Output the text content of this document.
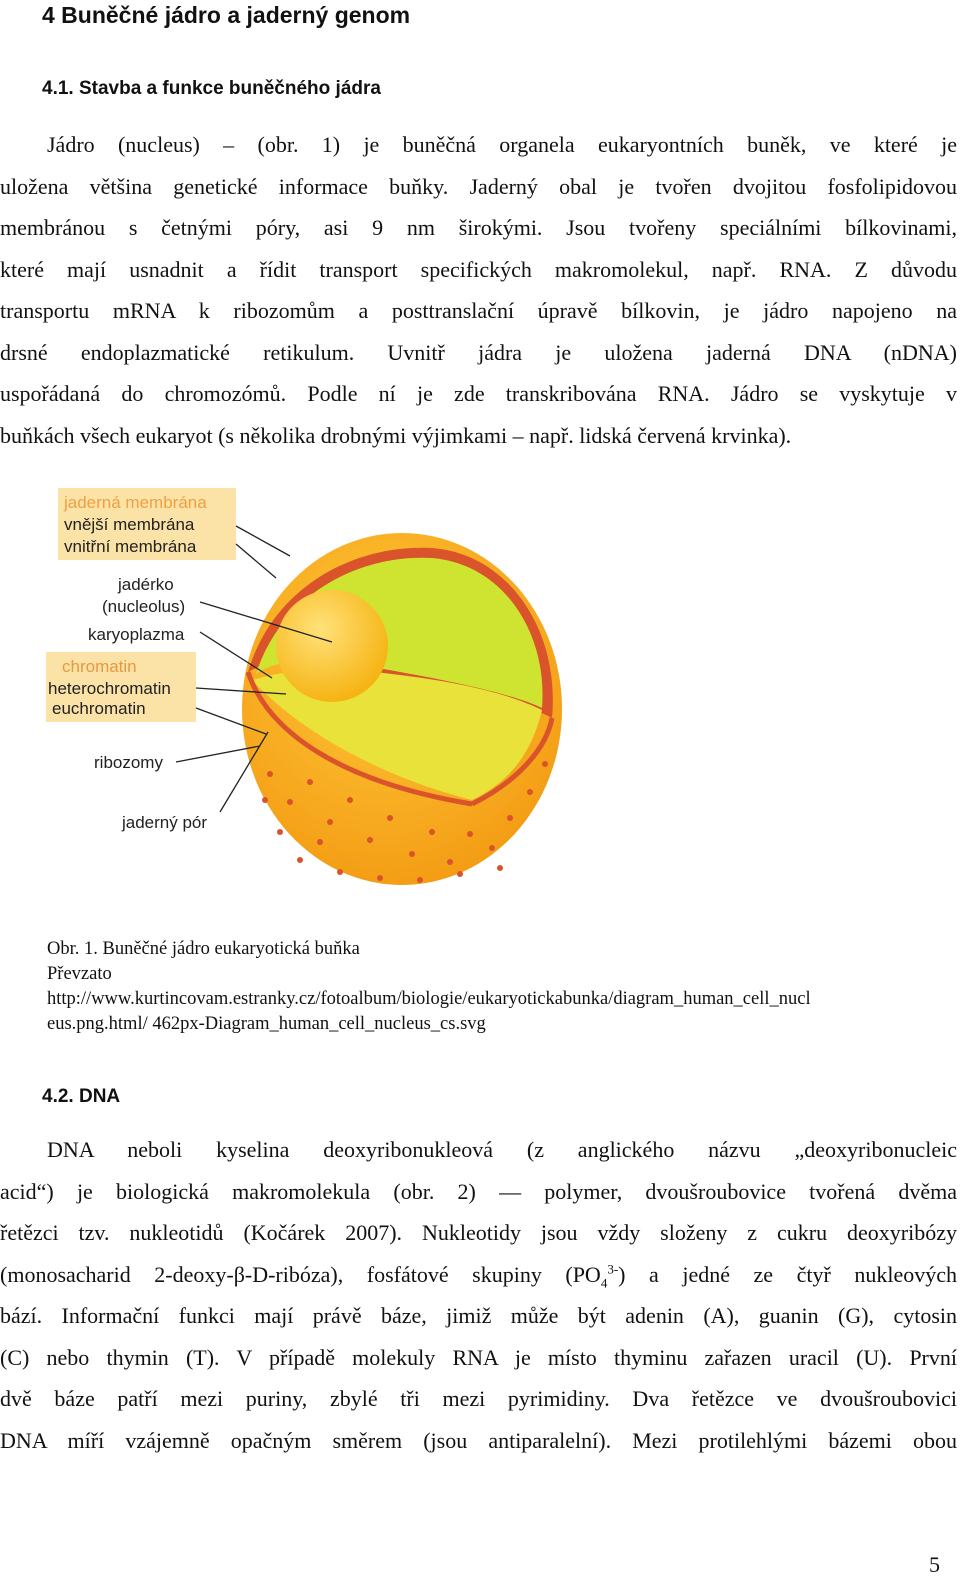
4 Buněčné jádro a jaderný genom
4.1. Stavba a funkce buněčného jádra
Jádro (nucleus) – (obr. 1) je buněčná organela eukaryontních buněk, ve které je
uložena většina genetické informace buňky. Jaderný obal je tvořen dvojitou fosfolipidovou
membránou s četnými póry, asi 9 nm širokými. Jsou tvořeny speciálními bílkovinami,
které mají usnadnit a řídit transport specifických makromolekul, např. RNA. Z důvodu
transportu mRNA k ribozomům a posttranslační úpravě bílkovin, je jádro napojeno na
drsné endoplazmatické retikulum. Uvnitř jádra je uložena jaderná DNA (nDNA)
uspořádaná do chromozómů. Podle ní je zde transkribována RNA. Jádro se vyskytuje v
buňkách všech eukaryot (s několika drobnými výjimkami – např. lidská červená krvinka).
jaderná membrána
vnější membrána
vnitřní membrána
jadérko
(nucleolus)
karyoplazma
chromatin
heterochromatin
euchromatin
ribozomy
jaderný pór
Obr. 1. Buněčné jádro eukaryotická buňka
Převzato
http://www.kurtincovam.estranky.cz/fotoalbum/biologie/eukaryotickabunka/diagram_human_cell_nucl
eus.png.html/ 462px-Diagram_human_cell_nucleus_cs.svg
4.2. DNA
DNA neboli kyselina deoxyribonukleová (z anglického názvu „deoxyribonucleic
acid“) je biologická makromolekula (obr. 2) — polymer, dvoušroubovice tvořená dvěma
řetězci tzv. nukleotidů (Kočárek 2007). Nukleotidy jsou vždy složeny z cukru deoxyribózy
(monosacharid 2-deoxy-β-D-ribóza), fosfátové skupiny $(PO_4^{3-})$ a jedné ze čtyř nukleových
bází. Informační funkci mají právě báze, jimiž může být adenin (A), guanin (G), cytosin
(C) nebo thymin (T). V případě molekuly RNA je místo thyminu zařazen uracil (U). První
dvě báze patří mezi puriny, zbylé tři mezi pyrimidiny. Dva řetězce ve dvoušroubovici
DNA míří vzájemně opačným směrem (jsou antiparalelní). Mezi protilehlými bázemi obou
5
